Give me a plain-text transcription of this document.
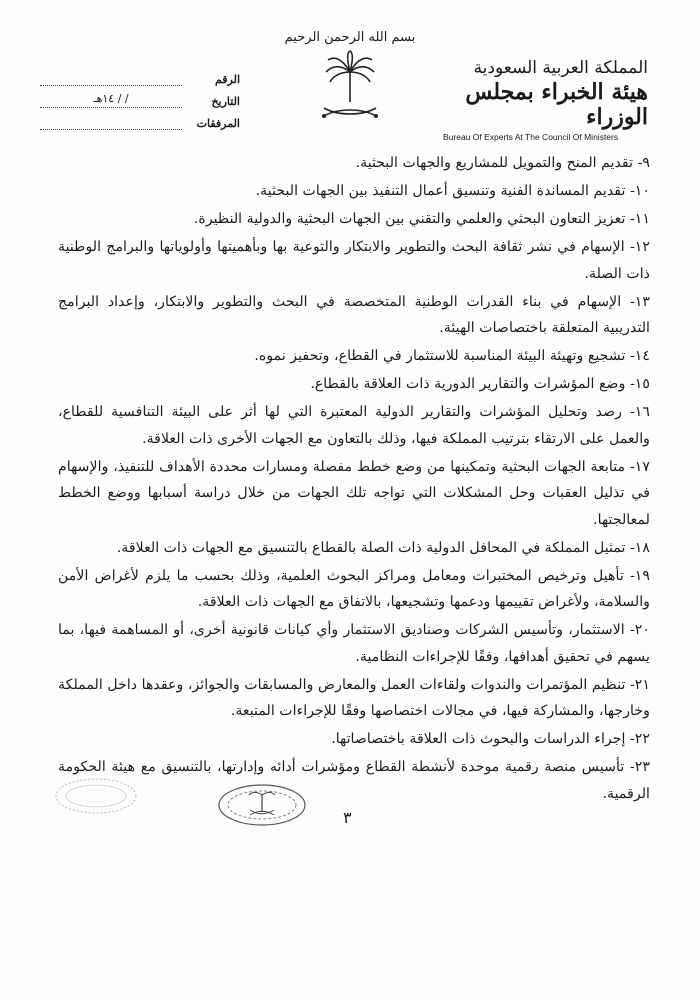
بسم الله الرحمن الرحيم
المملكة العربية السعودية
هيئة الخبراء بمجلس الوزراء
Bureau Of Experts At The Council Of Ministers
الرقم
التاريخ
/ / ١٤هـ
المرفقات
٩- تقديم المنح والتمويل للمشاريع والجهات البحثية.
١٠- تقديم المساندة الفنية وتنسيق أعمال التنفيذ بين الجهات البحثية.
١١- تعزيز التعاون البحثي والعلمي والتقني بين الجهات البحثية والدولية النظيرة.
١٢- الإسهام في نشر ثقافة البحث والتطوير والابتكار والتوعية بها وبأهميتها وأولوياتها والبرامج الوطنية ذات الصلة.
١٣- الإسهام في بناء القدرات الوطنية المتخصصة في البحث والتطوير والابتكار، وإعداد البرامج التدريبية المتعلقة باختصاصات الهيئة.
١٤- تشجيع وتهيئة البيئة المناسبة للاستثمار في القطاع، وتحفيز نموه.
١٥- وضع المؤشرات والتقارير الدورية ذات العلاقة بالقطاع.
١٦- رصد وتحليل المؤشرات والتقارير الدولية المعتبرة التي لها أثر على البيئة التنافسية للقطاع، والعمل على الارتقاء بترتيب المملكة فيها، وذلك بالتعاون مع الجهات الأخرى ذات العلاقة.
١٧- متابعة الجهات البحثية وتمكينها من وضع خطط مفصلة ومسارات محددة الأهداف للتنفيذ، والإسهام في تذليل العقبات وحل المشكلات التي تواجه تلك الجهات من خلال دراسة أسبابها ووضع الخطط لمعالجتها.
١٨- تمثيل المملكة في المحافل الدولية ذات الصلة بالقطاع بالتنسيق مع الجهات ذات العلاقة.
١٩- تأهيل وترخيص المختبرات ومعامل ومراكز البحوث العلمية، وذلك بحسب ما يلزم لأغراض الأمن والسلامة، ولأغراض تقييمها ودعمها وتشجيعها، بالاتفاق مع الجهات ذات العلاقة.
٢٠- الاستثمار، وتأسيس الشركات وصناديق الاستثمار وأي كيانات قانونية أخرى، أو المساهمة فيها، بما يسهم في تحقيق أهدافها، وفقًا للإجراءات النظامية.
٢١- تنظيم المؤتمرات والندوات ولقاءات العمل والمعارض والمسابقات والجوائز، وعقدها داخل المملكة وخارجها، والمشاركة فيها، في مجالات اختصاصها وفقًا للإجراءات المتبعة.
٢٢- إجراء الدراسات والبحوث ذات العلاقة باختصاصاتها.
٢٣- تأسيس منصة رقمية موحدة لأنشطة القطاع ومؤشرات أدائه وإدارتها، بالتنسيق مع هيئة الحكومة الرقمية.
٣
